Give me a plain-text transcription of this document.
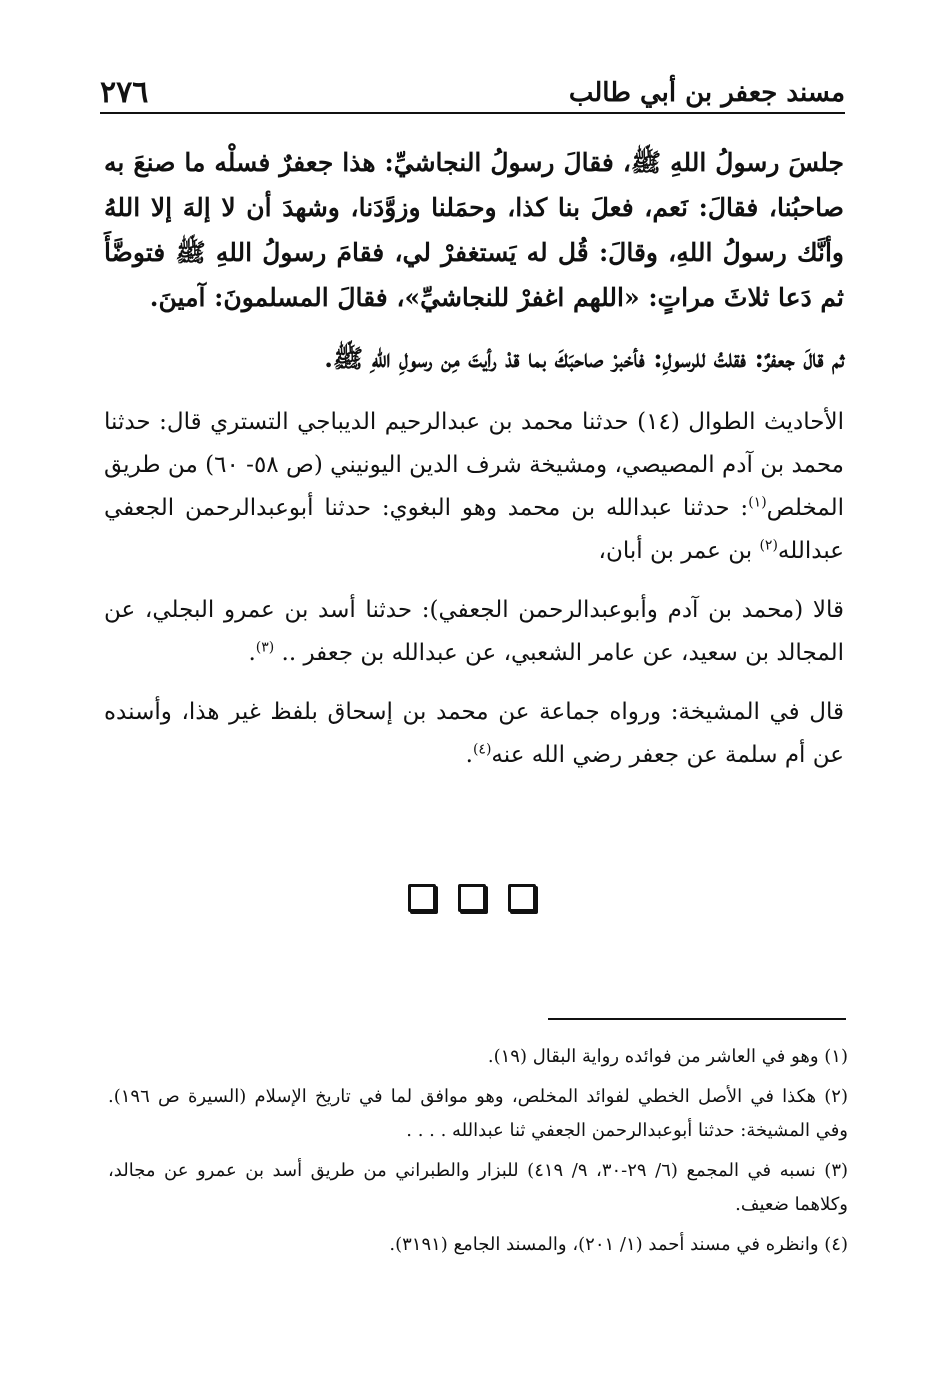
مسند جعفر بن أبي طالب
٢٧٦

جلسَ رسولُ اللهِ ﷺ، فقالَ رسولُ النجاشيِّ: هذا جعفرٌ فسلْه ما صنعَ به صاحبُنا، فقالَ: نَعم، فعلَ بنا كذا، وحمَلنا وزوَّدَنا، وشهدَ أن لا إلهَ إلا اللهُ وأنَّك رسولُ اللهِ، وقالَ: قُل له يَستغفرْ لي، فقامَ رسولُ اللهِ ﷺ فتوضَّأَ ثم دَعا ثلاثَ مراتٍ: «اللهم اغفرْ للنجاشيِّ»، فقالَ المسلمونَ: آمينَ.

ثم قالَ جعفرٌ: فقلتُ للرسولِ: فأخبرْ صاحبَكَ بما قدْ رأيتَ مِن رسولِ اللهِ ﷺ.

الأحاديث الطوال (١٤) حدثنا محمد بن عبدالرحيم الديباجي التستري قال: حدثنا محمد بن آدم المصيصي، ومشيخة شرف الدين اليونيني (ص ٥٨- ٦٠) من طريق المخلص$^{(١)}$: حدثنا عبدالله بن محمد وهو البغوي: حدثنا أبوعبدالرحمن الجعفي عبدالله$^{(٢)}$ بن عمر بن أبان،

قالا (محمد بن آدم وأبوعبدالرحمن الجعفي): حدثنا أسد بن عمرو البجلي، عن المجالد بن سعيد، عن عامر الشعبي، عن عبدالله بن جعفر .. $^{(٣)}$.

قال في المشيخة: ورواه جماعة عن محمد بن إسحاق بلفظ غير هذا، وأسنده عن أم سلمة عن جعفر رضي الله عنه$^{(٤)}$.

(١) وهو في العاشر من فوائده رواية البقال (١٩).

(٢) هكذا في الأصل الخطي لفوائد المخلص، وهو موافق لما في تاريخ الإسلام (السيرة ص ١٩٦). وفي المشيخة: حدثنا أبوعبدالرحمن الجعفي ثنا عبدالله . . . .

(٣) نسبه في المجمع (٦/ ٢٩-٣٠، ٩/ ٤١٩) للبزار والطبراني من طريق أسد بن عمرو عن مجالد، وكلاهما ضعيف.

(٤) وانظره في مسند أحمد (١/ ٢٠١)، والمسند الجامع (٣١٩١).
